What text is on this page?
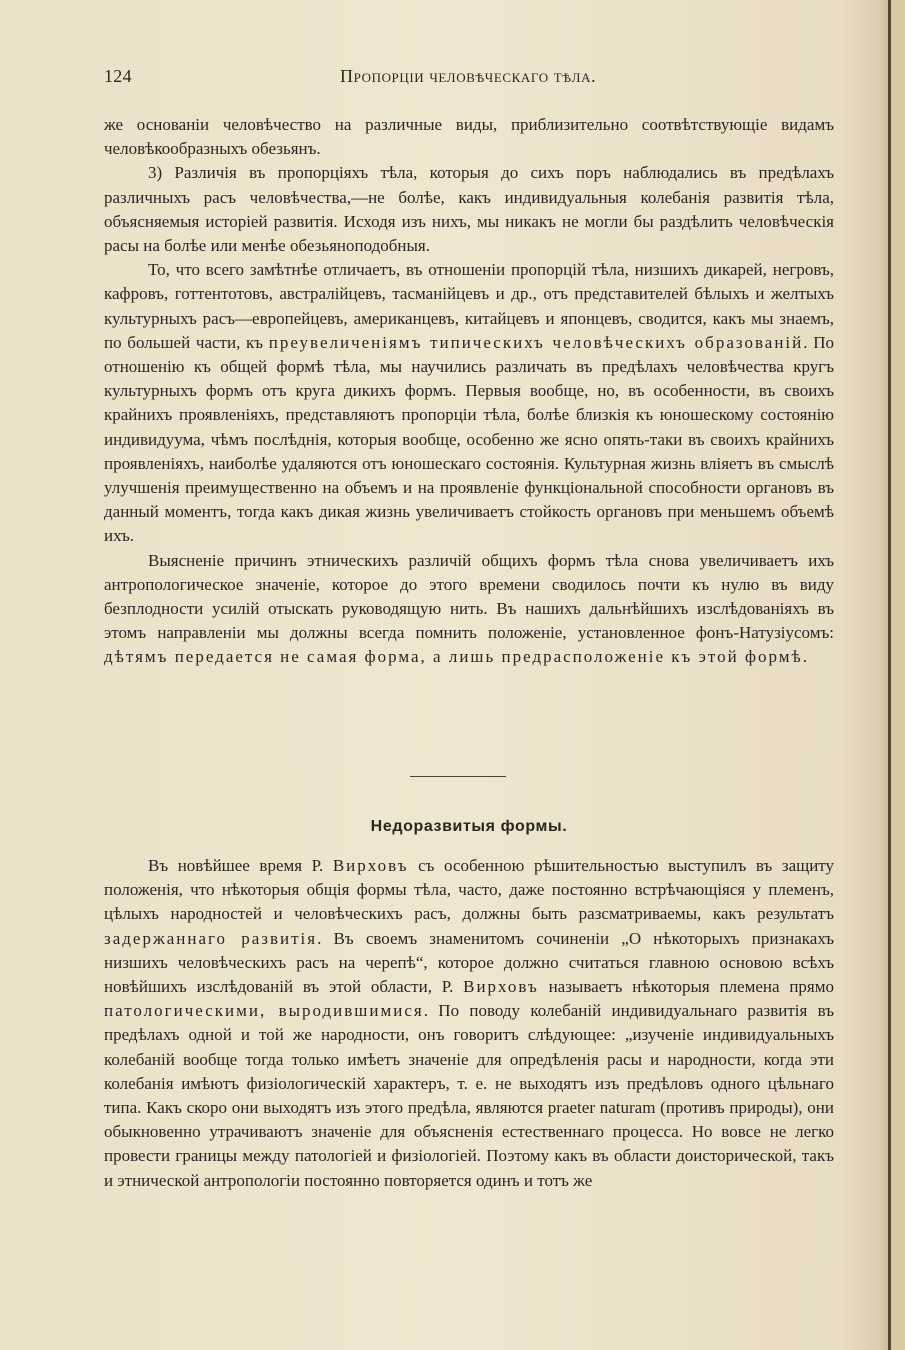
124	Пропорціи человѣческаго тѣла.

же основаніи человѣчество на различные виды, приблизительно соотвѣтствующіе видамъ человѣкообразныхъ обезьянъ.

3) Различія въ пропорціяхъ тѣла, которыя до сихъ поръ наблюдались въ предѣлахъ различныхъ расъ человѣчества,—не болѣе, какъ индивидуальныя колебанія развитія тѣла, объясняемыя исторіей развитія. Исходя изъ нихъ, мы никакъ не могли бы раздѣлить человѣческія расы на болѣе или менѣе обезьяноподобныя.

То, что всего замѣтнѣе отличаетъ, въ отношеніи пропорцій тѣла, низшихъ дикарей, негровъ, кафровъ, готтентотовъ, австралійцевъ, тасманійцевъ и др., отъ представителей бѣлыхъ и желтыхъ культурныхъ расъ—европейцевъ, американцевъ, китайцевъ и японцевъ, сводится, какъ мы знаемъ, по большей части, къ преувеличеніямъ типическихъ человѣческихъ образованій. По отношенію къ общей формѣ тѣла, мы научились различать въ предѣлахъ человѣчества кругъ культурныхъ формъ отъ круга дикихъ формъ. Первыя вообще, но, въ особенности, въ своихъ крайнихъ проявленіяхъ, представляютъ пропорціи тѣла, болѣе близкія къ юношескому состоянію индивидуума, чѣмъ послѣднія, которыя вообще, особенно же ясно опять-таки въ своихъ крайнихъ проявленіяхъ, наиболѣе удаляются отъ юношескаго состоянія. Культурная жизнь вліяетъ въ смыслѣ улучшенія преимущественно на объемъ и на проявленіе функціональной способности органовъ въ данный моментъ, тогда какъ дикая жизнь увеличиваетъ стойкость органовъ при меньшемъ объемѣ ихъ.

Выясненіе причинъ этническихъ различій общихъ формъ тѣла снова увеличиваетъ ихъ антропологическое значеніе, которое до этого времени сводилось почти къ нулю въ виду безплодности усилій отыскать руководящую нить. Въ нашихъ дальнѣйшихъ изслѣдованіяхъ въ этомъ направленіи мы должны всегда помнить положеніе, установленное фонъ-Натузіусомъ: дѣтямъ передается не самая форма, а лишь предрасположеніе къ этой формѣ.

Недоразвитыя формы.

Въ новѣйшее время Р. Вирховъ съ особенною рѣшительностью выступилъ въ защиту положенія, что нѣкоторыя общія формы тѣла, часто, даже постоянно встрѣчающіяся у племенъ, цѣлыхъ народностей и человѣческихъ расъ, должны быть разсматриваемы, какъ результатъ задержаннаго развитія. Въ своемъ знаменитомъ сочиненіи „О нѣкоторыхъ признакахъ низшихъ человѣческихъ расъ на черепѣ“, которое должно считаться главною основою всѣхъ новѣйшихъ изслѣдованій въ этой области, Р. Вирховъ называетъ нѣкоторыя племена прямо патологическими, выродившимися. По поводу колебаній индивидуальнаго развитія въ предѣлахъ одной и той же народности, онъ говоритъ слѣдующее: „изученіе индивидуальныхъ колебаній вообще тогда только имѣетъ значеніе для опредѣленія расы и народности, когда эти колебанія имѣютъ физіологическій характеръ, т. е. не выходятъ изъ предѣловъ одного цѣльнаго типа. Какъ скоро они выходятъ изъ этого предѣла, являются praeter naturam (противъ природы), они обыкновенно утрачиваютъ значеніе для объясненія естественнаго процесса. Но вовсе не легко провести границы между патологіей и физіологіей. Поэтому какъ въ области доисторической, такъ и этнической антропологіи постоянно повторяется одинъ и тотъ же
